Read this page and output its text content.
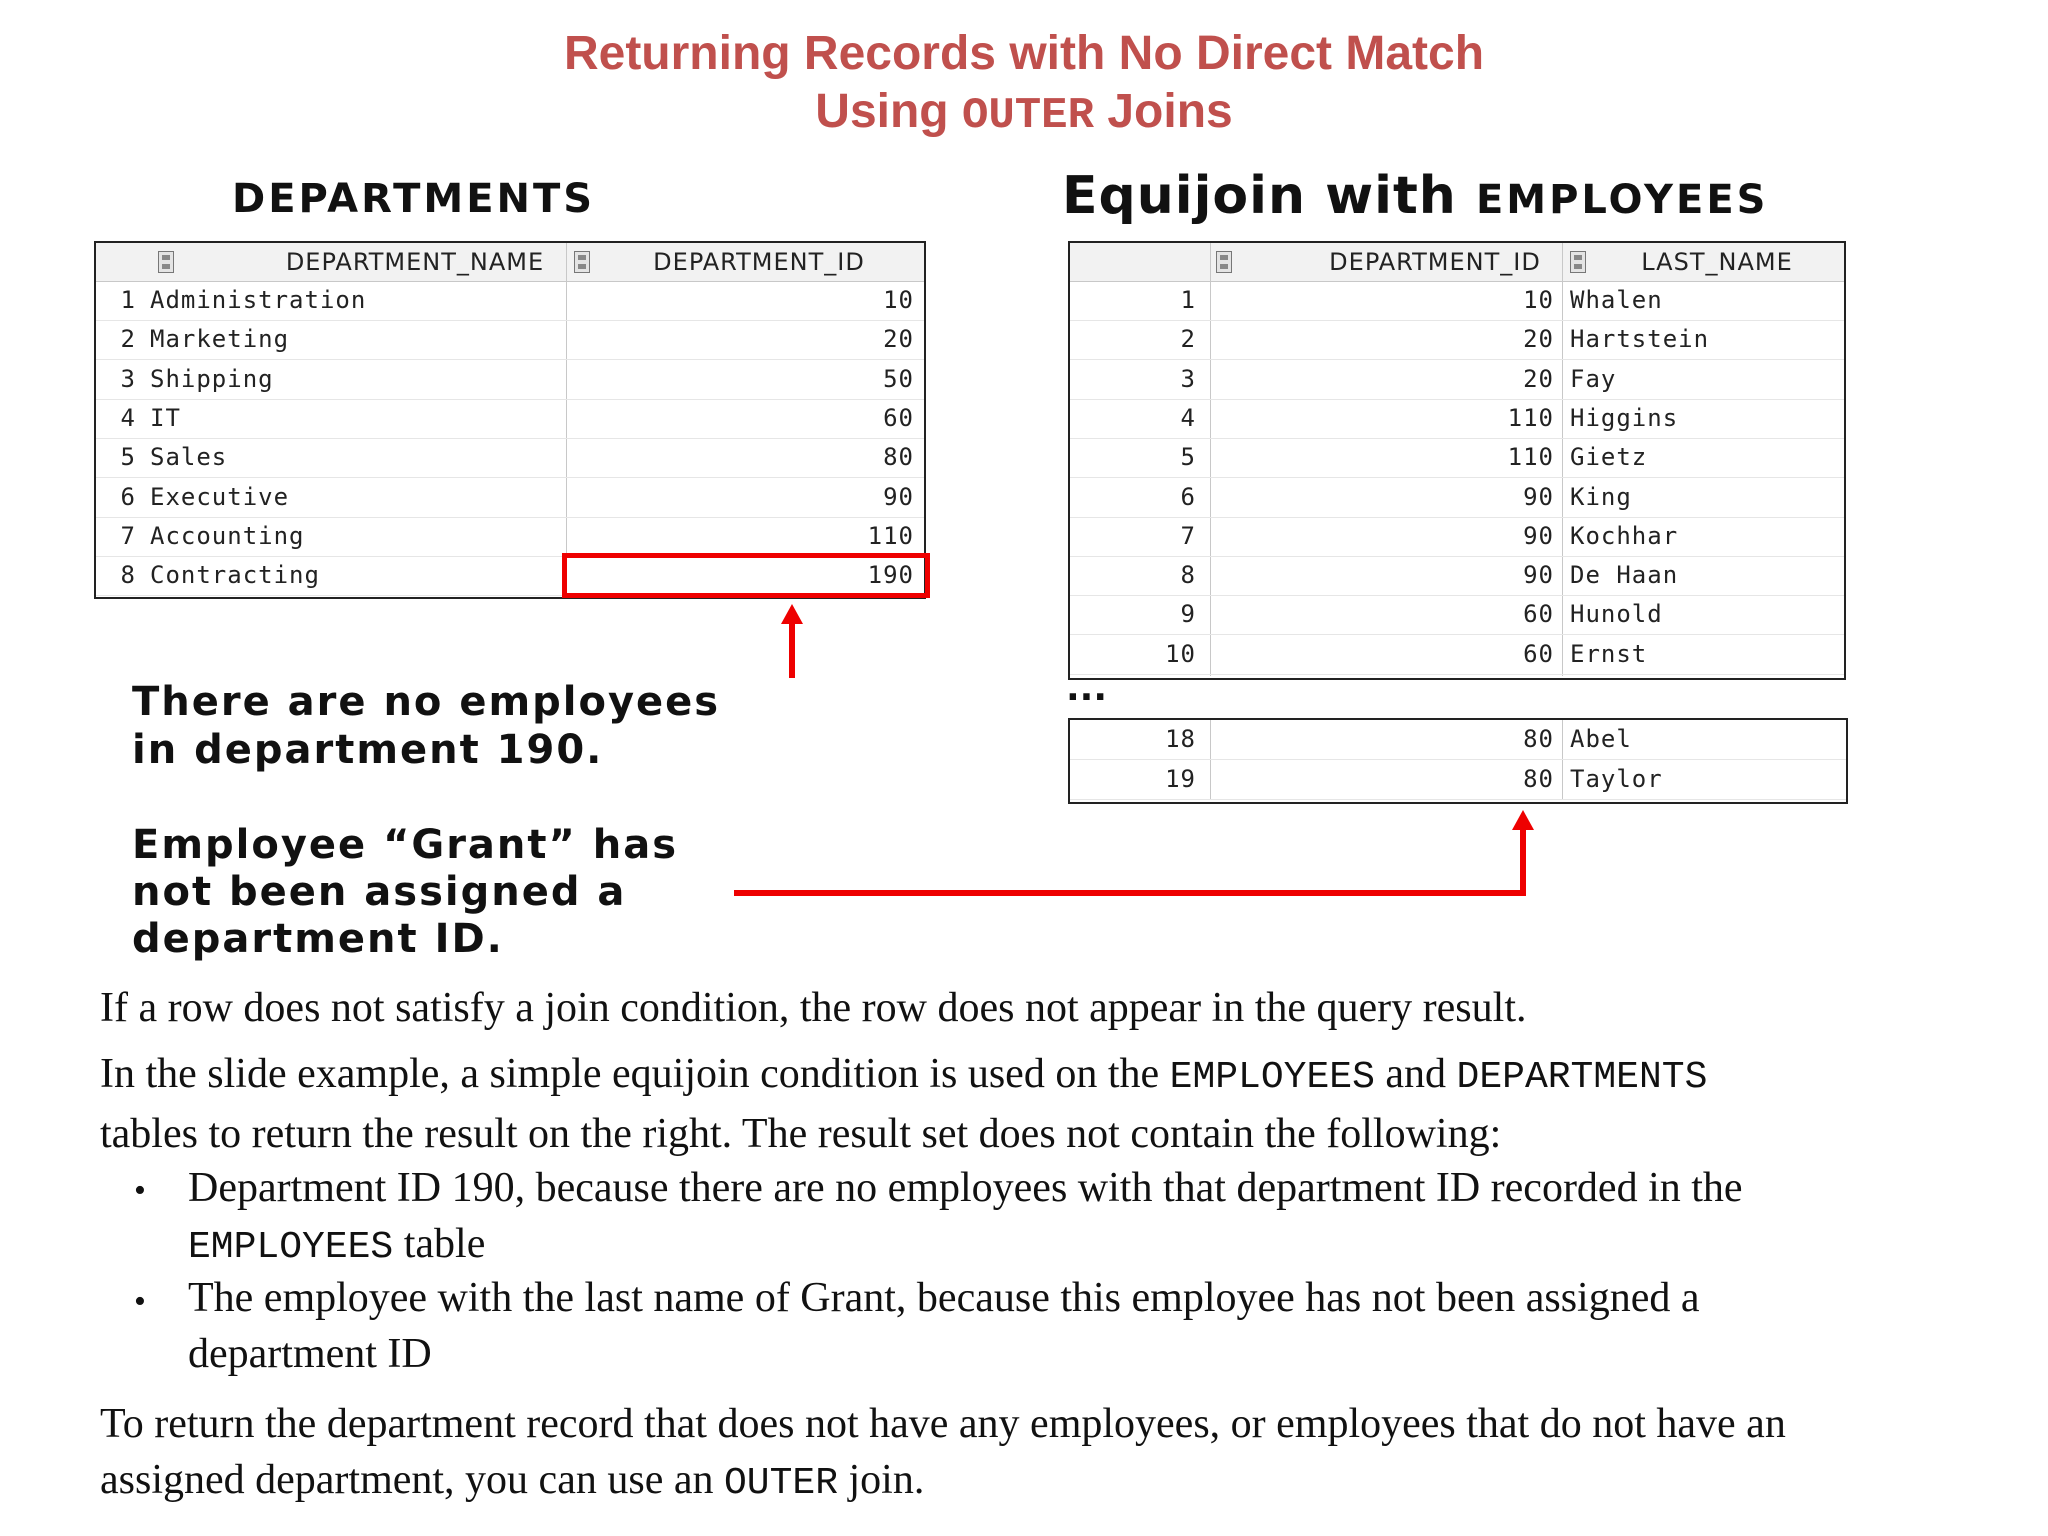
Returning Records with No Direct Match
Using OUTER Joins
DEPARTMENTS	Equijoin with EMPLOYEES
DEPARTMENT_NAME	DEPARTMENT_ID
1 Administration	10
2 Marketing	20
3 Shipping	50
4 IT	60
5 Sales	80
6 Executive	90
7 Accounting	110
8 Contracting	190
DEPARTMENT_ID	LAST_NAME
1	10 Whalen
2	20 Hartstein
3	20 Fay
4	110 Higgins
5	110 Gietz
6	90 King
7	90 Kochhar
8	90 De Haan
9	60 Hunold
10	60 Ernst
...
18	80 Abel
19	80 Taylor
There are no employees
in department 190.
Employee “Grant” has
not been assigned a
department ID.
If a row does not satisfy a join condition, the row does not appear in the query result.
In the slide example, a simple equijoin condition is used on the EMPLOYEES and DEPARTMENTS
tables to return the result on the right. The result set does not contain the following:
• Department ID 190, because there are no employees with that department ID recorded in the
EMPLOYEES table
• The employee with the last name of Grant, because this employee has not been assigned a
department ID
To return the department record that does not have any employees, or employees that do not have an
assigned department, you can use an OUTER join.
